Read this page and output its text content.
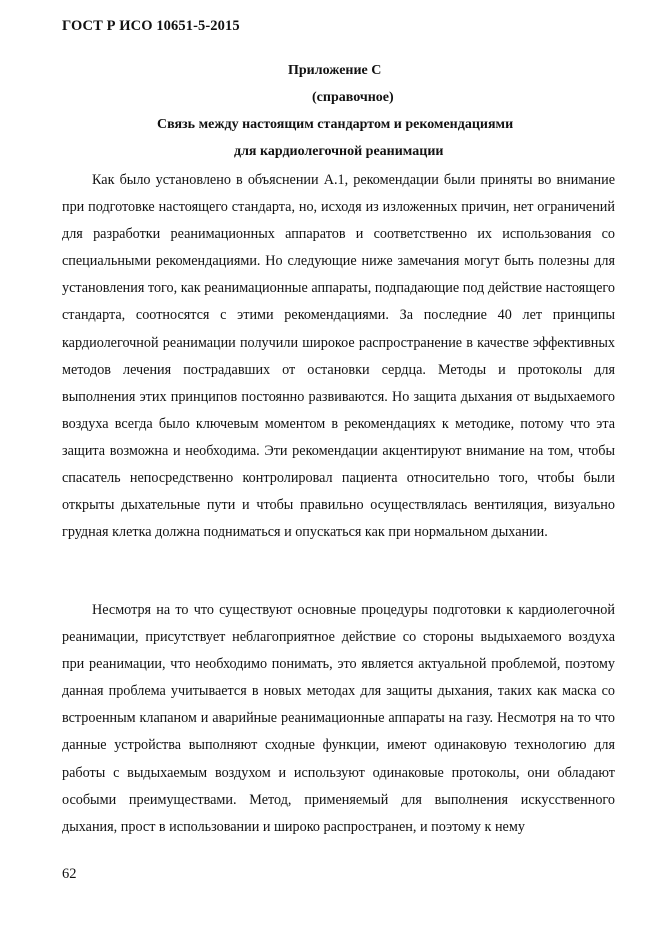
ГОСТ Р ИСО 10651-5-2015
Приложение С
(справочное)
Связь между настоящим стандартом и рекомендациями
для кардиолегочной реанимации

Как было установлено в объяснении А.1, рекомендации были приняты во внимание при подготовке настоящего стандарта, но, исходя из изложенных причин, нет ограничений для разработки реанимационных аппаратов и соответственно их использования со специальными рекомендациями. Но следующие ниже замечания могут быть полезны для установления того, как реанимационные аппараты, подпадающие под действие настоящего стандарта, соотносятся с этими рекомендациями. За последние 40 лет принципы кардиолегочной реанимации получили широкое распространение в качестве эффективных методов лечения пострадавших от остановки сердца. Методы и протоколы для выполнения этих принципов постоянно развиваются. Но защита дыхания от выдыхаемого воздуха всегда было ключевым моментом в рекомендациях к методике, потому что эта защита возможна и необходима. Эти рекомендации акцентируют внимание на том, чтобы спасатель непосредственно контролировал пациента относительно того, чтобы были открыты дыхательные пути и чтобы правильно осуществлялась вентиляция, визуально грудная клетка должна подниматься и опускаться как при нормальном дыхании.

Несмотря на то что существуют основные процедуры подготовки к кардиолегочной реанимации, присутствует неблагоприятное действие со стороны выдыхаемого воздуха при реанимации, что необходимо понимать, это является актуальной проблемой, поэтому данная проблема учитывается в новых методах для защиты дыхания, таких как маска со встроенным клапаном и аварийные реанимационные аппараты на газу. Несмотря на то что данные устройства выполняют сходные функции, имеют одинаковую технологию для работы с выдыхаемым воздухом и используют одинаковые протоколы, они обладают особыми преимуществами. Метод, применяемый для выполнения искусственного дыхания, прост в использовании и широко распространен, и поэтому к нему

62
